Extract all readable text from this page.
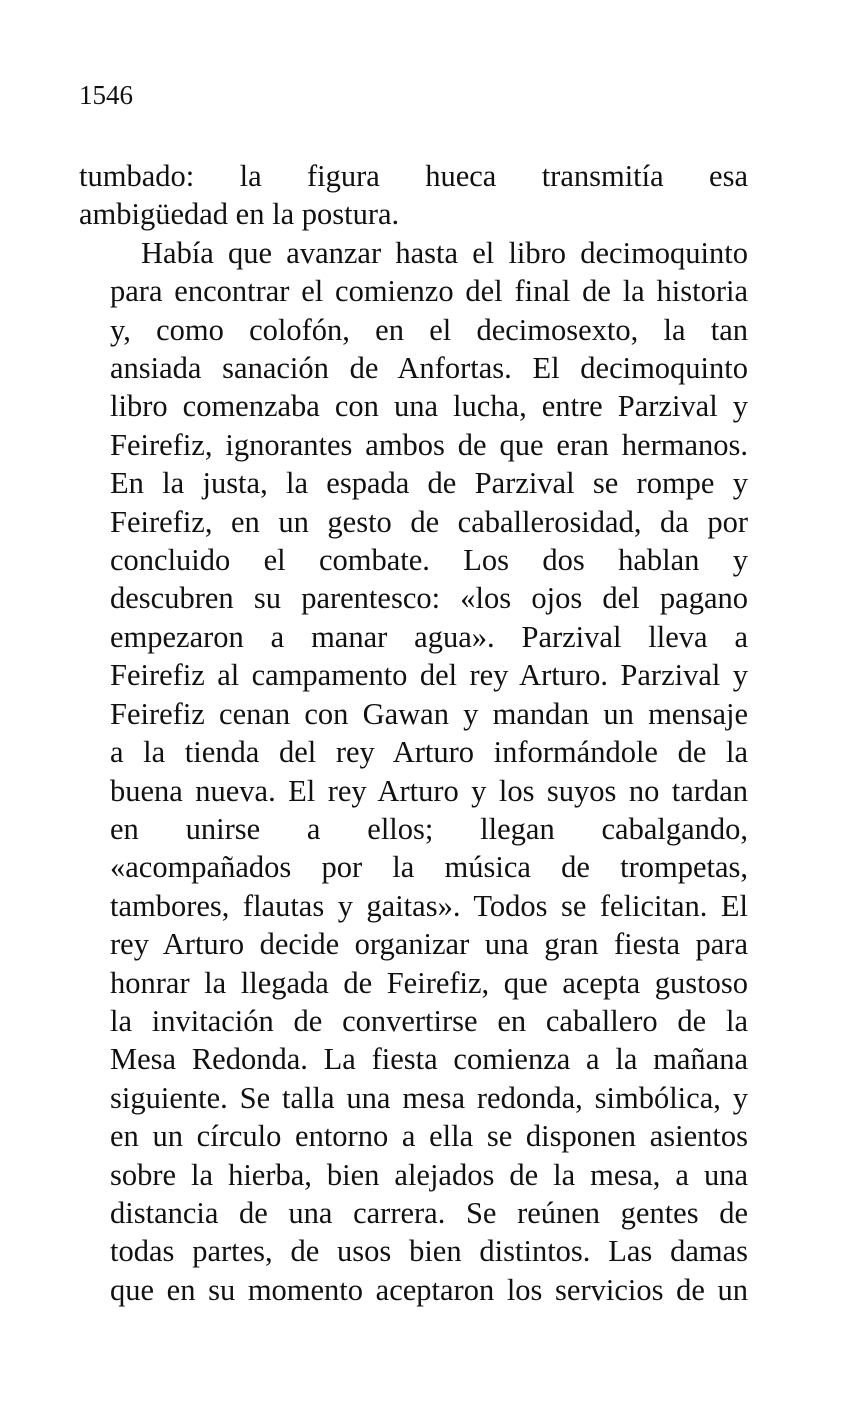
1546

tumbado: la figura hueca transmitía esa
ambigüedad en la postura.

Había que avanzar hasta el libro decimoquinto
para encontrar el comienzo del final de la historia
y, como colofón, en el decimosexto, la tan
ansiada sanación de Anfortas. El decimoquinto
libro comenzaba con una lucha, entre Parzival y
Feirefiz, ignorantes ambos de que eran hermanos.
En la justa, la espada de Parzival se rompe y
Feirefiz, en un gesto de caballerosidad, da por
concluido el combate. Los dos hablan y
descubren su parentesco: «los ojos del pagano
empezaron a manar agua». Parzival lleva a
Feirefiz al campamento del rey Arturo. Parzival y
Feirefiz cenan con Gawan y mandan un mensaje
a la tienda del rey Arturo informándole de la
buena nueva. El rey Arturo y los suyos no tardan
en unirse a ellos; llegan cabalgando,
«acompañados por la música de trompetas,
tambores, flautas y gaitas». Todos se felicitan. El
rey Arturo decide organizar una gran fiesta para
honrar la llegada de Feirefiz, que acepta gustoso
la invitación de convertirse en caballero de la
Mesa Redonda. La fiesta comienza a la mañana
siguiente. Se talla una mesa redonda, simbólica, y
en un círculo entorno a ella se disponen asientos
sobre la hierba, bien alejados de la mesa, a una
distancia de una carrera. Se reúnen gentes de
todas partes, de usos bien distintos. Las damas
que en su momento aceptaron los servicios de un
